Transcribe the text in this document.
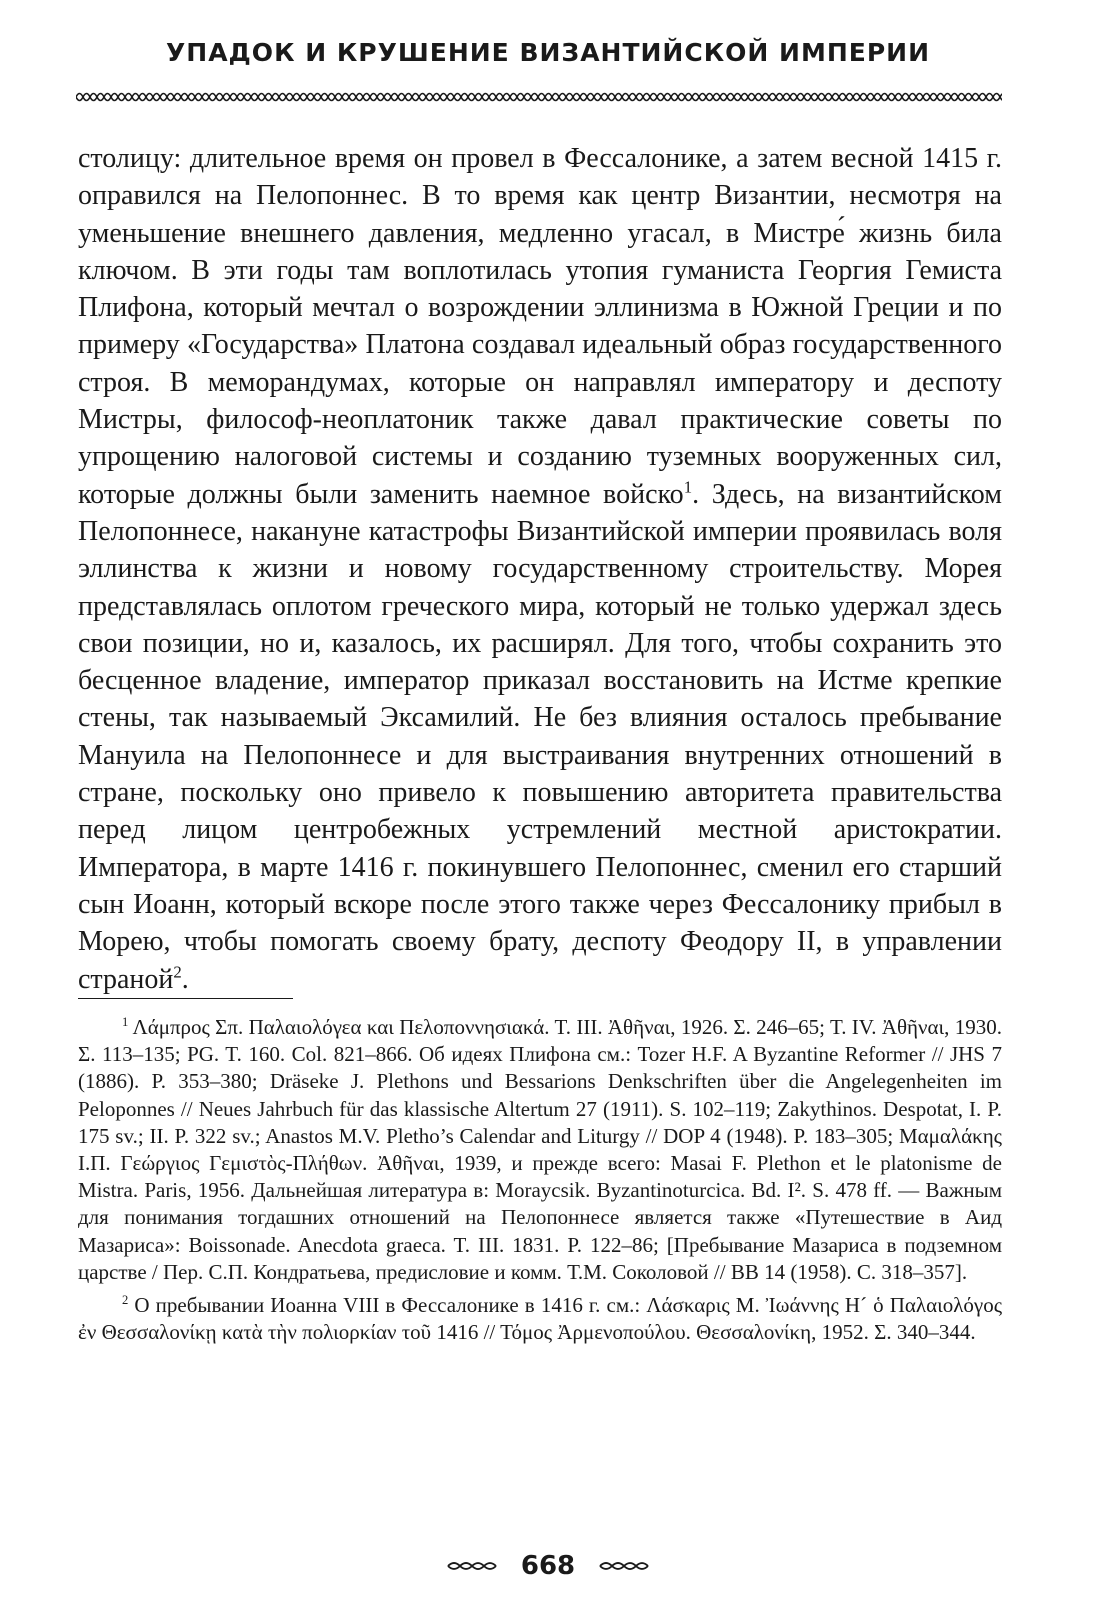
УПАДОК И КРУШЕНИЕ ВИЗАНТИЙСКОЙ ИМПЕРИИ

столицу: длительное время он провел в Фессалонике, а затем весной 1415 г. оправился на Пелопоннес. В то время как центр Византии, несмотря на уменьшение внешнего давления, медленно угасал, в Мистре́ жизнь била ключом. В эти годы там воплотилась утопия гуманиста Георгия Гемиста Плифона, который мечтал о возрождении эллинизма в Южной Греции и по примеру «Государства» Платона создавал идеальный образ государственного строя. В меморандумах, которые он направлял императору и деспоту Мистры, философ-неоплатоник также давал практические советы по упрощению налоговой системы и созданию туземных вооруженных сил, которые должны были заменить наемное войско$^1$. Здесь, на византийском Пелопоннесе, накануне катастрофы Византийской империи проявилась воля эллинства к жизни и новому государственному строительству. Морея представлялась оплотом греческого мира, который не только удержал здесь свои позиции, но и, казалось, их расширял. Для того, чтобы сохранить это бесценное владение, император приказал восстановить на Истме крепкие стены, так называемый Эксамилий. Не без влияния осталось пребывание Мануила на Пелопоннесе и для выстраивания внутренних отношений в стране, поскольку оно привело к повышению авторитета правительства перед лицом центробежных устремлений местной аристократии. Императора, в марте 1416 г. покинувшего Пелопоннес, сменил его старший сын Иоанн, который вскоре после этого также через Фессалонику прибыл в Морею, чтобы помогать своему брату, деспоту Феодору II, в управлении страной$^2$.

$^1$ Λάμπρος Σπ. Παλαιολόγεα και Πελοποννησιακά. Τ. III. Ἀθῆναι, 1926. Σ. 246–65; Τ. IV. Ἀθῆναι, 1930. Σ. 113–135; PG. T. 160. Col. 821–866. Об идеях Плифона см.: Tozer H.F. A Byzantine Reformer // JHS 7 (1886). P. 353–380; Dräseke J. Plethons und Bessarions Denkschriften über die Angelegenheiten im Peloponnes // Neues Jahrbuch für das klassische Altertum 27 (1911). S. 102–119; Zakythinos. Despotat, I. P. 175 sv.; II. P. 322 sv.; Anastos M.V. Pletho’s Calendar and Liturgy // DOP 4 (1948). P. 183–305; Μαμαλάκης Ι.Π. Γεώργιος Γεμιστὸς-Πλήθων. Ἀθῆναι, 1939, и прежде всего: Masai F. Plethon et le platonisme de Mistra. Paris, 1956. Дальнейшая литература в: Moraycsik. Byzantinoturcica. Bd. I². S. 478 ff. — Важным для понимания тогдашних отношений на Пелопоннесе является также «Путешествие в Аид Мазариса»: Boissonade. Anecdota graeca. T. III. 1831. P. 122–86; [Пребывание Мазариса в подземном царстве / Пер. С.П. Кондратьева, предисловие и комм. Т.М. Соколовой // ВВ 14 (1958). С. 318–357].

$^2$ О пребывании Иоанна VIII в Фессалонике в 1416 г. см.: Λάσκαρις Μ. Ἰωάννης Η´ ὁ Παλαιολόγος ἐν Θεσσαλονίκῃ κατὰ τὴν πολιορκίαν τοῦ 1416 // Τόμος Ἀρμενοπούλου. Θεσσαλονίκη, 1952. Σ. 340–344.

668
